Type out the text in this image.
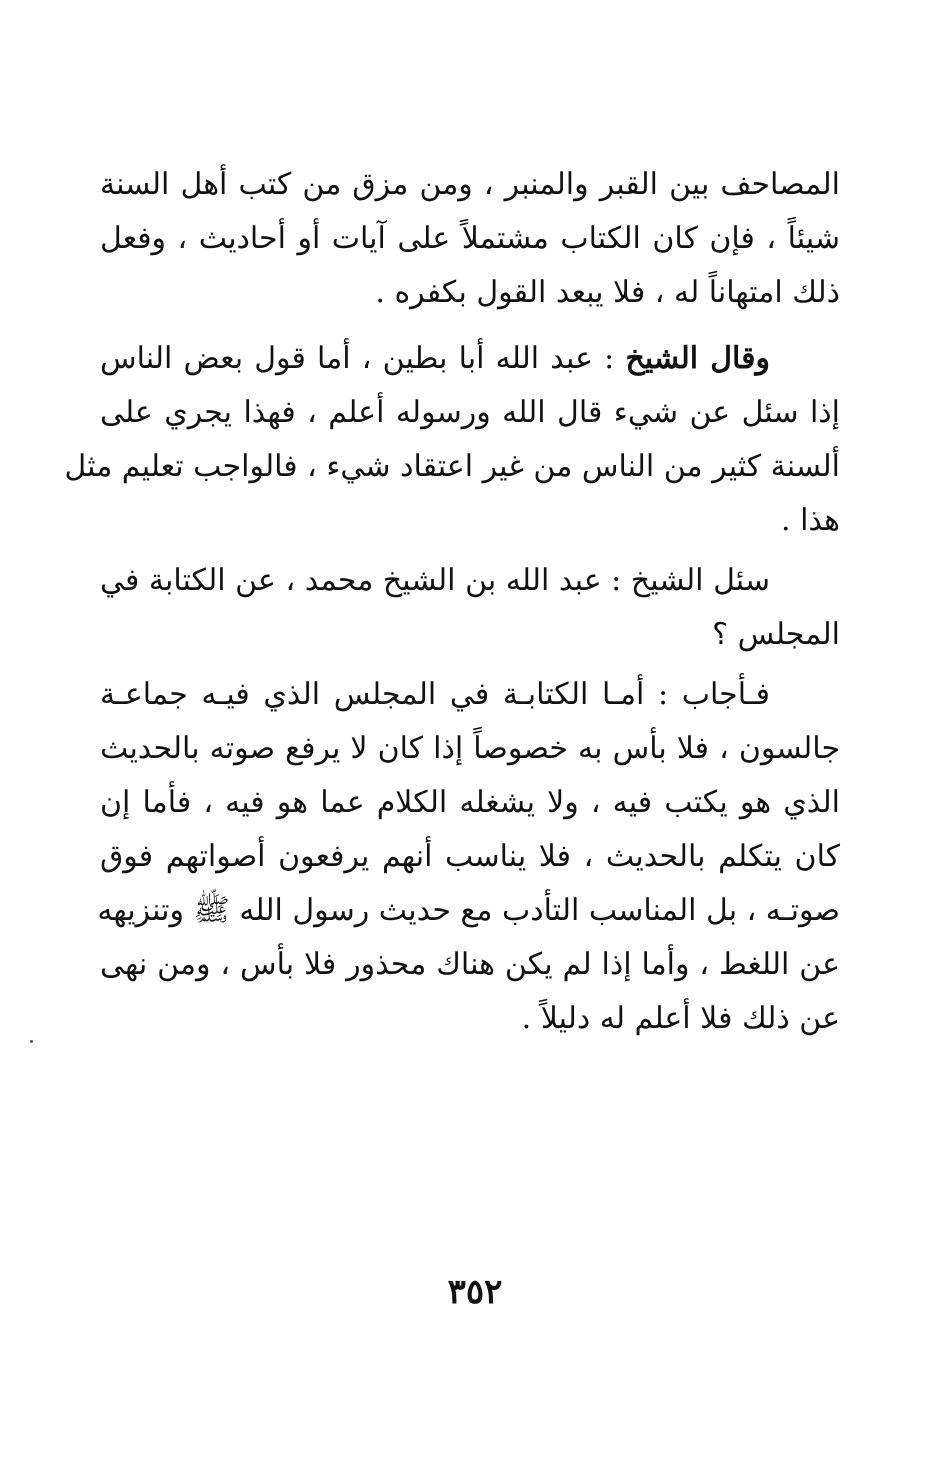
المصاحف بين القبر والمنبر ، ومن مزق من كتب أهل السنة
شيئاً ، فإن كان الكتاب مشتملاً على آيات أو أحاديث ، وفعل
ذلك امتهاناً له ، فلا يبعد القول بكفره .
وقال الشيخ : عبد الله أبا بطين ، أما قول بعض الناس
إذا سئل عن شيء قال الله ورسوله أعلم ، فهذا يجري على
ألسنة كثير من الناس من غير اعتقاد شيء ، فالواجب تعليم مثل
هذا .
سئل الشيخ : عبد الله بن الشيخ محمد ، عن الكتابة في
المجلس ؟
فـأجاب : أمـا الكتابـة في المجلس الذي فيـه جماعـة
جالسون ، فلا بأس به خصوصاً إذا كان لا يرفع صوته بالحديث
الذي هو يكتب فيه ، ولا يشغله الكلام عما هو فيه ، فأما إن
كان يتكلم بالحديث ، فلا يناسب أنهم يرفعون أصواتهم فوق
صوتـه ، بل المناسب التأدب مع حديث رسول الله ﷺ وتنزيهه
عن اللغط ، وأما إذا لم يكن هناك محذور فلا بأس ، ومن نهى
عن ذلك فلا أعلم له دليلاً .
٣٥٢
